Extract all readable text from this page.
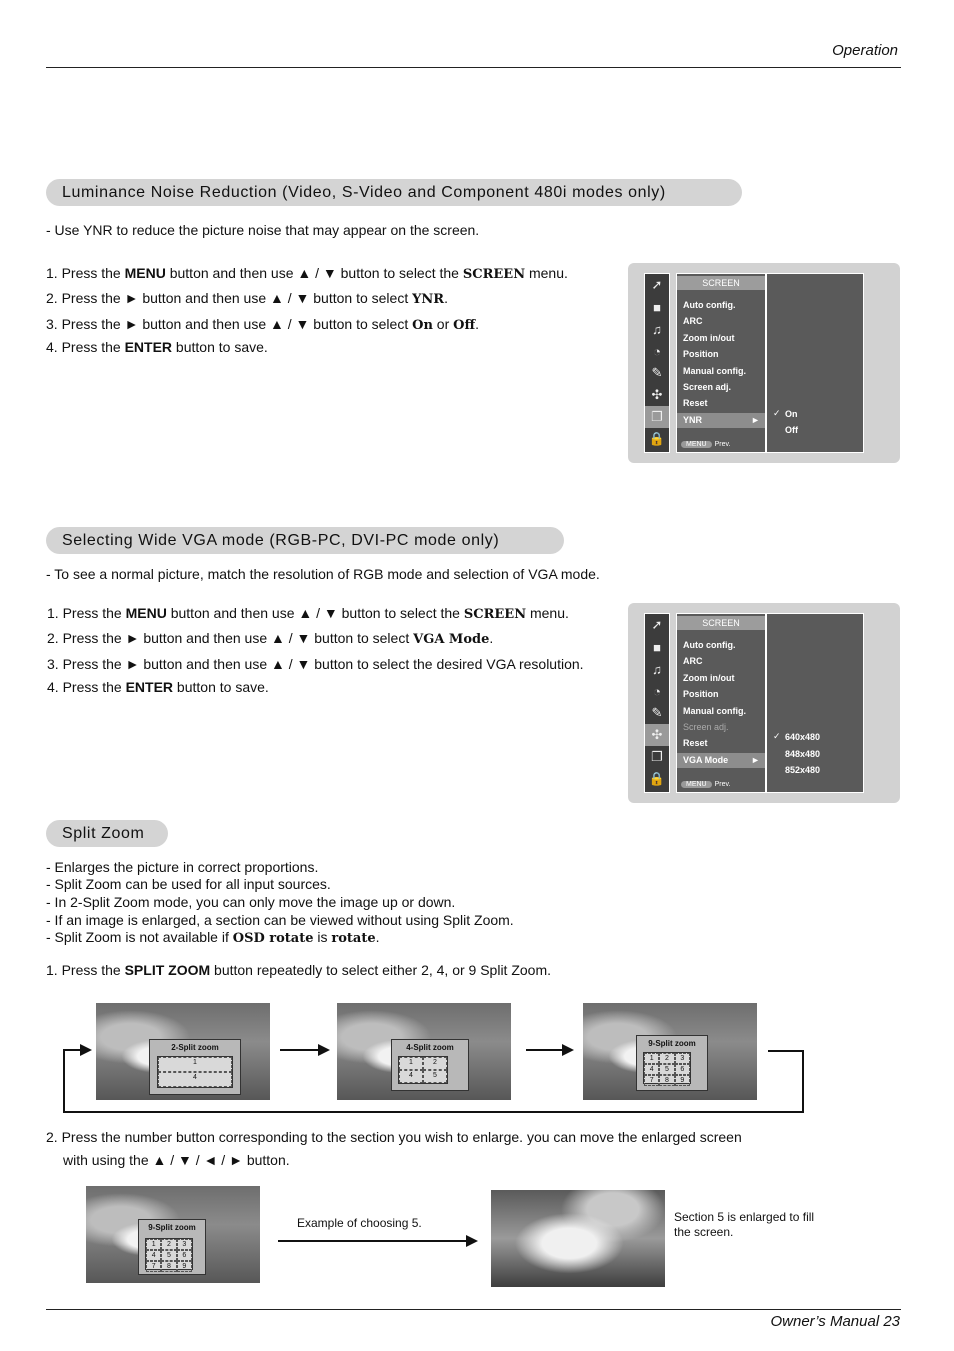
Operation
Luminance Noise Reduction (Video, S-Video and Component 480i modes only)
- Use YNR to reduce the picture noise that may appear on the screen.
1. Press the MENU button and then use ▲ / ▼ button to select the SCREEN menu.
2. Press the ► button and then use ▲ / ▼ button to select YNR.
3. Press the ► button and then use ▲ / ▼ button to select On or Off.
4. Press the ENTER button to save.
➚
■
♫
◔
✎
✣
❐
🔒
SCREEN
Auto config.
ARC
Zoom in/out
Position
Manual config.
Screen adj.
Reset
YNR	►
MENU Prev.
✓ On
Off
Selecting Wide VGA mode (RGB-PC, DVI-PC mode only)
- To see a normal picture, match the resolution of RGB mode and selection of VGA mode.
1. Press the MENU button and then use ▲ / ▼ button to select the SCREEN menu.
2. Press the ► button and then use ▲ / ▼ button to select VGA Mode.
3. Press the ► button and then use ▲ / ▼ button to select the desired VGA resolution.
4. Press the ENTER button to save.
➚
■
♫
◔
✎
✣
❐
🔒
SCREEN
Auto config.
ARC
Zoom in/out
Position
Manual config.
Screen adj.
Reset
VGA Mode	►
MENU Prev.
✓ 640x480
848x480
852x480
Split Zoom
- Enlarges the picture in correct proportions.
- Split Zoom can be used for all input sources.
- In 2-Split Zoom mode, you can only move the image up or down.
- If an image is enlarged, a section can be viewed without using Split Zoom.
- Split Zoom is not available if OSD rotate is rotate.
1. Press the SPLIT ZOOM button repeatedly to select either 2, 4, or 9 Split Zoom.
2-Split zoom
1
4
4-Split zoom
1	2
4	5
9-Split zoom
1	2	3
4	5	6
7	8	9
2. Press the number button corresponding to the section you wish to enlarge. you can move the enlarged screen
with using the ▲ / ▼ / ◄ / ► button.
9-Split zoom
1	2	3
4	5	6
7	8	9
Example of choosing 5.	Section 5 is enlarged to fill the screen.
Owner’s Manual 23
